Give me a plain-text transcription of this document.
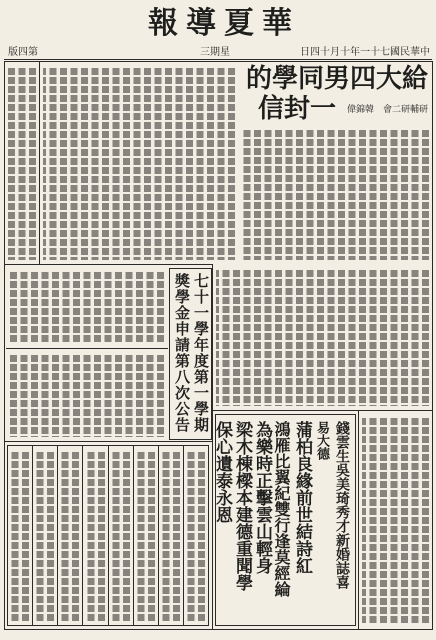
華夏導報
第四版	星期三	中華民國七十一年十月十四日
給大四男同學的
一封信	研輔研二會　韓錦偉
七十一學年度第一學期
獎學金申請第八次公告
錢雲生吳美琦秀才新婚誌喜
易大德
蒲柏良緣前世結詩紅
鴻雁比翼紀雙行逢莫經綸
為樂時正擊雲山輕身
梁木棟樑本建德重聞學
保心遺泰永恩
